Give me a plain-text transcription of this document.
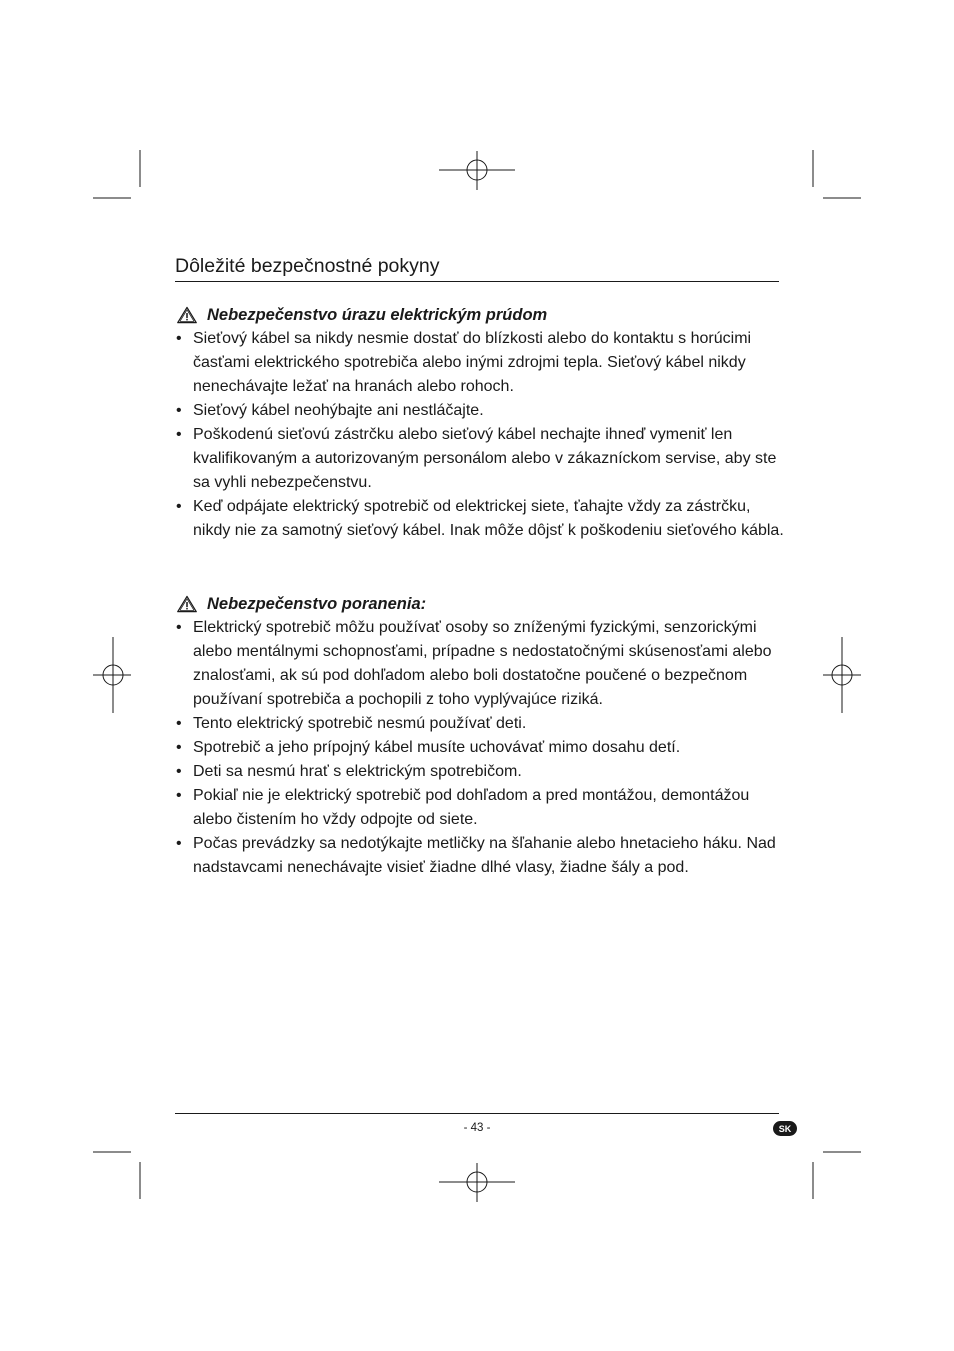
Dôležité bezpečnostné pokyny
Nebezpečenstvo úrazu elektrickým prúdom
• Sieťový kábel sa nikdy nesmie dostať do blízkosti alebo do kontaktu s horúcimi časťami elektrického spotrebiča alebo inými zdrojmi tepla. Sieťový kábel nikdy nenechávajte ležať na hranách alebo rohoch.
• Sieťový kábel neohýbajte ani nestláčajte.
• Poškodenú sieťovú zástrčku alebo sieťový kábel nechajte ihneď vymeniť len kvalifikovaným a autorizovaným personálom alebo v zákazníckom servise, aby ste sa vyhli nebezpečenstvu.
• Keď odpájate elektrický spotrebič od elektrickej siete, ťahajte vždy za zástrčku, nikdy nie za samotný sieťový kábel. Inak môže dôjsť k poškodeniu sieťového kábla.
Nebezpečenstvo poranenia:
• Elektrický spotrebič môžu používať osoby so zníženými fyzickými, senzorickými alebo mentálnymi schopnosťami, prípadne s nedostatočnými skúsenosťami alebo znalosťami, ak sú pod dohľadom alebo boli dostatočne poučené o bezpečnom používaní spotrebiča a pochopili z toho vyplývajúce riziká.
• Tento elektrický spotrebič nesmú používať deti.
• Spotrebič a jeho prípojný kábel musíte uchovávať mimo dosahu detí.
• Deti sa nesmú hrať s elektrickým spotrebičom.
• Pokiaľ nie je elektrický spotrebič pod dohľadom a pred montážou, demontážou alebo čistením ho vždy odpojte od siete.
• Počas prevádzky sa nedotýkajte metličky na šľahanie alebo hnetacieho háku. Nad nadstavcami nenechávajte visieť žiadne dlhé vlasy, žiadne šály a pod.
- 43 -	SK
